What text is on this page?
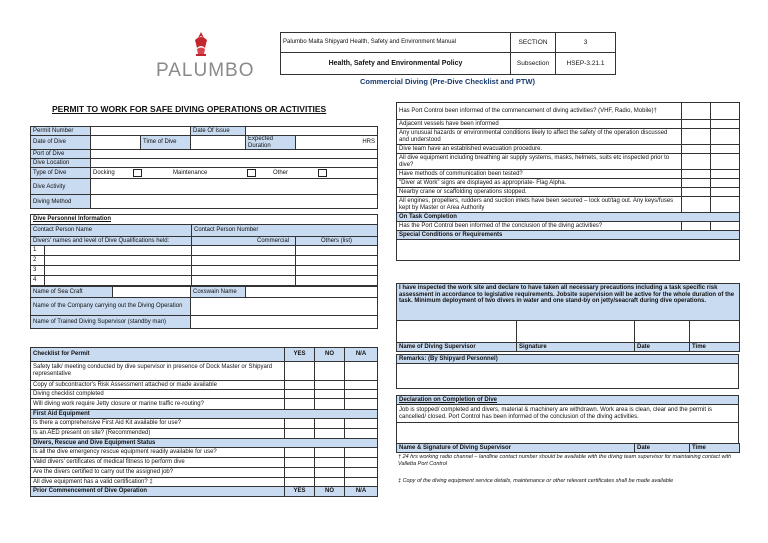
PALUMBO
Palumbo Malta Shipyard Health, Safety and Environment Manual	SECTION	3
Health, Safety and Environmental Policy	Subsection	HSEP-3.21.1
Commercial Diving (Pre-Dive Checklist and PTW)
PERMIT TO WORK FOR SAFE DIVING OPERATIONS OR ACTIVITIES
Permit Number			Date Of Issue		
Date of Dive		Time of Dive		Expected Duration	HRS
Port of Dive					
Dive Location					
Type of Dive	Docking Maintenance Other				

Dive Activity					
Diving Method					
Dive Personnel Information			
Contact Person Name		Contact Person Number	
Divers' names and level of Dive Qualifications held:		Commercial	Others (list)
1			
2			
3			
4			
Name of Sea Craft		Coxswain Name	
Name of the Company carrying out the Diving Operation			
Name of Trained Diving Supervisor (standby man)			
Checklist for Permit	YES	NO	N/A
Safety talk/ meeting conducted by dive supervisor in presence of Dock Master or Shipyard representative			
Copy of subcontractor's Risk Assessment attached or made available			
Diving checklist completed			
Will diving work require Jetty closure or marine traffic re-routing?			
First Aid Equipment			
Is there a comprehensive First Aid Kit available for use?			
Is an AED present on site? (Recommended)			
Divers, Rescue and Dive Equipment Status			
Is all the dive emergency rescue equipment readily available for use?			
Valid divers' certificates of medical fitness to perform dive			
Are the divers certified to carry out the assigned job?			
All dive equipment has a valid certification? ‡			
Prior Commencement of Dive Operation	YES	NO	N/A
Has Port Control been informed of the commencement of diving activities? (VHF, Radio, Mobile)†		
Adjacent vessels have been informed		
Any unusual hazards or environmental conditions likely to affect the safety of the operation discussed and understood		
Dive team have an established evacuation procedure.		
All dive equipment including breathing air supply systems, masks, helmets, suits etc inspected prior to dive?		
Have methods of communication been tested?		
"Diver at Work" signs are displayed as appropriate- Flag Alpha.		
Nearby crane or scaffolding operations stopped.		
All engines, propellers, rudders and suction inlets have been secured – lock out/tag out. Any keys/fuses kept by Master or Area Authority		
On Task Completion		
Has the Port Control been informed of the conclusion of the diving activities?		
Special Conditions or Requirements		

I have inspected the work site and declare to have taken all necessary precautions including a task specific risk assessment in accordance to legislative requirements. Jobsite supervision will be active for the whole duration of the task. Minimum deployment of two divers in water and one stand-by on jetty/seacraft during dive operations.

Name of Diving Supervisor	Signature	Date	Time
Remarks: (By Shipyard Personnel)

Declaration on Completion of Dive
Job is stopped/ completed and divers, material & machinery are withdrawn. Work area is clean, clear and the permit is cancelled/ closed. Port Control has been informed of the conclusion of the diving activities.
Name & Signature of Diving Supervisor	Date	Time
† 24 hrs working radio channel – landline contact number should be available with the diving team supervisor for maintaining contact with Valletta Port Control
‡ Copy of the diving equipment service details, maintenance or other relevant certificates shall be made available
